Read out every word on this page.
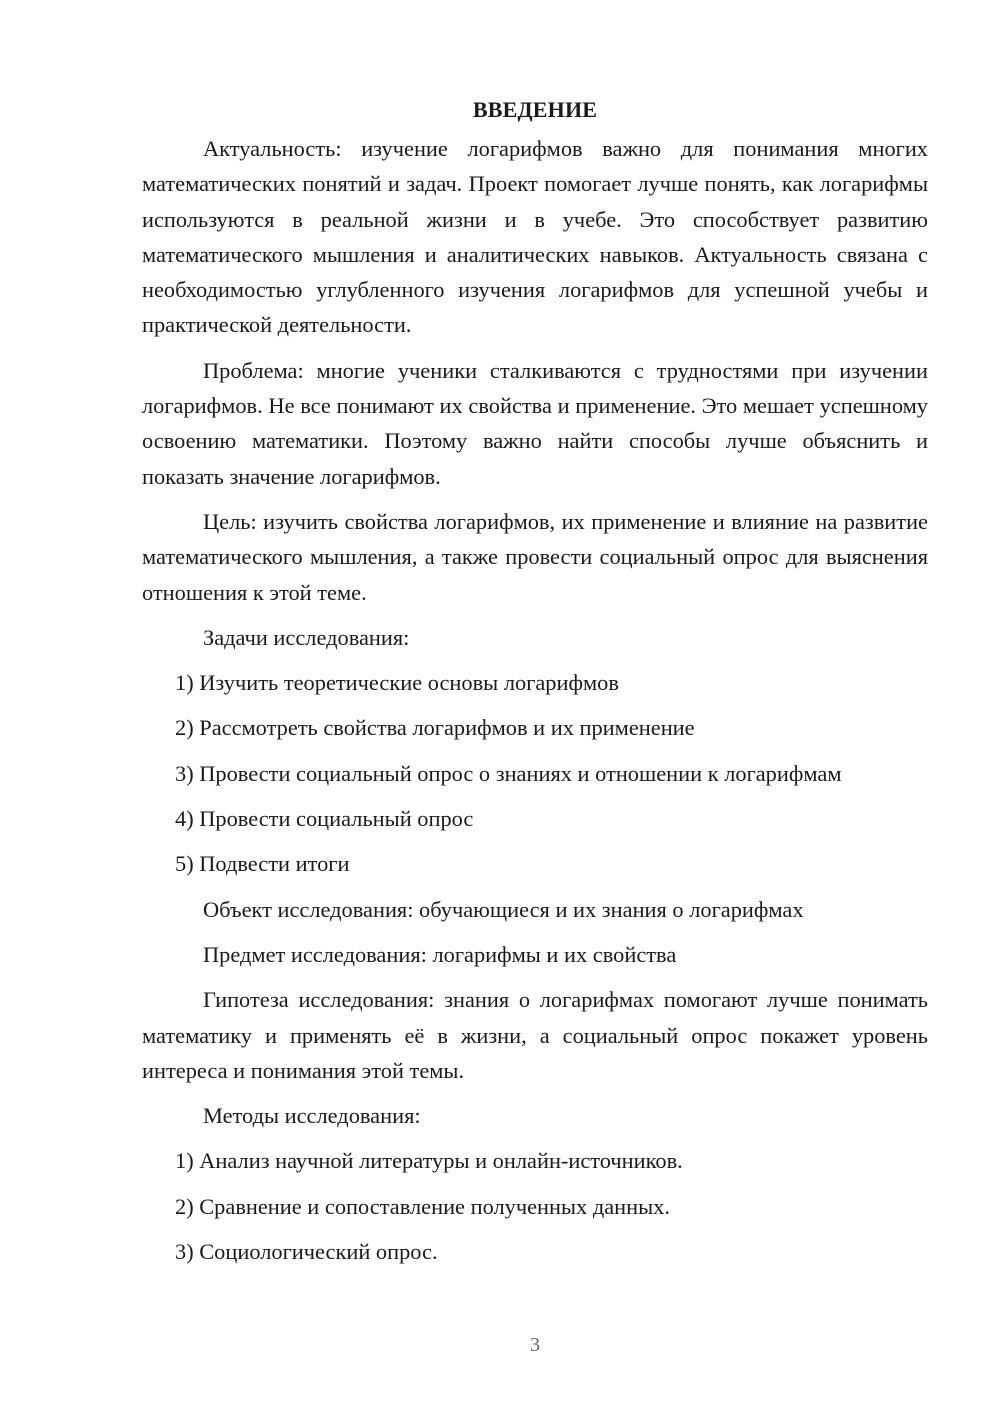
ВВЕДЕНИЕ

Актуальность: изучение логарифмов важно для понимания многих математических понятий и задач. Проект помогает лучше понять, как логарифмы используются в реальной жизни и в учебе. Это способствует развитию математического мышления и аналитических навыков. Актуальность связана с необходимостью углубленного изучения логарифмов для успешной учебы и практической деятельности.

Проблема: многие ученики сталкиваются с трудностями при изучении логарифмов. Не все понимают их свойства и применение. Это мешает успешному освоению математики. Поэтому важно найти способы лучше объяснить и показать значение логарифмов.

Цель: изучить свойства логарифмов, их применение и влияние на развитие математического мышления, а также провести социальный опрос для выяснения отношения к этой теме.

Задачи исследования:
1) Изучить теоретические основы логарифмов
2) Рассмотреть свойства логарифмов и их применение
3) Провести социальный опрос о знаниях и отношении к логарифмам
4) Провести социальный опрос
5) Подвести итоги
Объект исследования: обучающиеся и их знания о логарифмах
Предмет исследования: логарифмы и их свойства

Гипотеза исследования: знания о логарифмах помогают лучше понимать математику и применять её в жизни, а социальный опрос покажет уровень интереса и понимания этой темы.

Методы исследования:
1) Анализ научной литературы и онлайн-источников.
2) Сравнение и сопоставление полученных данных.
3) Социологический опрос.
3
